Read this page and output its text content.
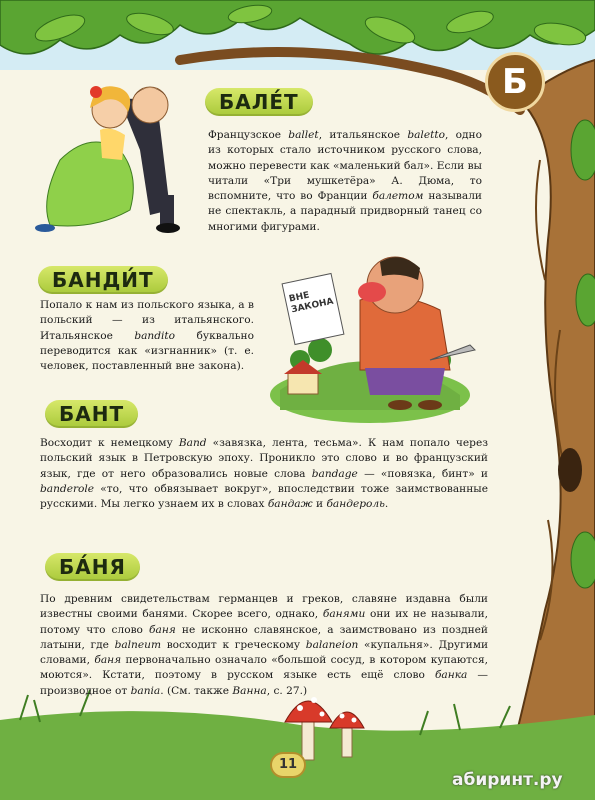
Б
ВНЕ ЗАКОНА
БАЛЕ́Т
Французское ballet, итальянское baletto, одно из которых стало источником русского слова, можно перевести как «маленький бал». Если вы читали «Три мушкетёра» А. Дюма, то вспомните, что во Франции балетом называли не спектакль, а парадный придворный танец со многими фигурами.
БАНДИ́Т
Попало к нам из польского языка, а в польский — из итальянского. Итальянское bandito буквально переводится как «изгнанник» (т. е. человек, поставленный вне закона).
БАНТ
Восходит к немецкому Band «завязка, лента, тесьма». К нам попало через польский язык в Петровскую эпоху. Проникло это слово и во французский язык, где от него образовались новые слова bandage — «повязка, бинт» и banderole «то, что обвязывает вокруг», впоследствии тоже заимствованные русскими. Мы легко узнаем их в словах бандаж и бандероль.
БА́НЯ
По древним свидетельствам германцев и греков, славяне издавна были известны своими банями. Скорее всего, однако, банями они их не называли, потому что слово баня не исконно славянское, а заимствовано из поздней латыни, где balneum восходит к греческому balaneion «купальня». Другими словами, баня первоначально означало «большой сосуд, в котором купаются, моются». Кстати, поэтому в русском языке есть ещё слово банка — производное от bania. (См. также Ванна, с. 27.)
11
абиринт.ру
